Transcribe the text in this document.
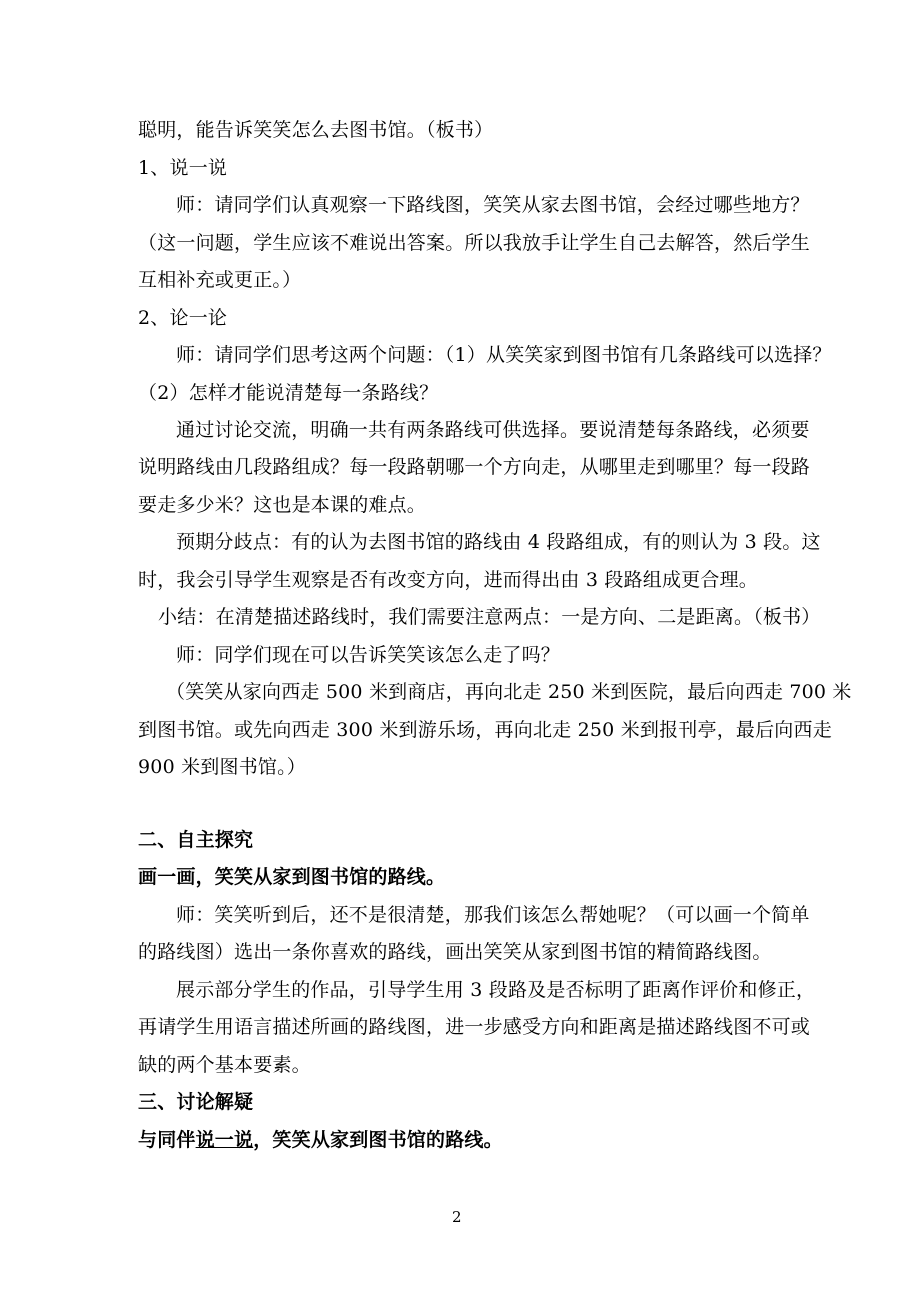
聪明，能告诉笑笑怎么去图书馆。（板书）
1、说一说
师：请同学们认真观察一下路线图，笑笑从家去图书馆，会经过哪些地方？
（这一问题，学生应该不难说出答案。所以我放手让学生自己去解答，然后学生
互相补充或更正。）
2、论一论
师：请同学们思考这两个问题：（1）从笑笑家到图书馆有几条路线可以选择？
（2）怎样才能说清楚每一条路线？
通过讨论交流，明确一共有两条路线可供选择。要说清楚每条路线，必须要
说明路线由几段路组成？每一段路朝哪一个方向走，从哪里走到哪里？每一段路
要走多少米？这也是本课的难点。
预期分歧点：有的认为去图书馆的路线由 4 段路组成，有的则认为 3 段。这
时，我会引导学生观察是否有改变方向，进而得出由 3 段路组成更合理。
小结：在清楚描述路线时，我们需要注意两点：一是方向、二是距离。（板书）
师：同学们现在可以告诉笑笑该怎么走了吗？
（笑笑从家向西走 500 米到商店，再向北走 250 米到医院，最后向西走 700 米
到图书馆。或先向西走 300 米到游乐场，再向北走 250 米到报刊亭，最后向西走
900 米到图书馆。）
二、自主探究
画一画，笑笑从家到图书馆的路线。
师：笑笑听到后，还不是很清楚，那我们该怎么帮她呢？（可以画一个简单
的路线图）选出一条你喜欢的路线，画出笑笑从家到图书馆的精简路线图。
展示部分学生的作品，引导学生用 3 段路及是否标明了距离作评价和修正，
再请学生用语言描述所画的路线图，进一步感受方向和距离是描述路线图不可或
缺的两个基本要素。
三、讨论解疑
与同伴说一说，笑笑从家到图书馆的路线。
2
